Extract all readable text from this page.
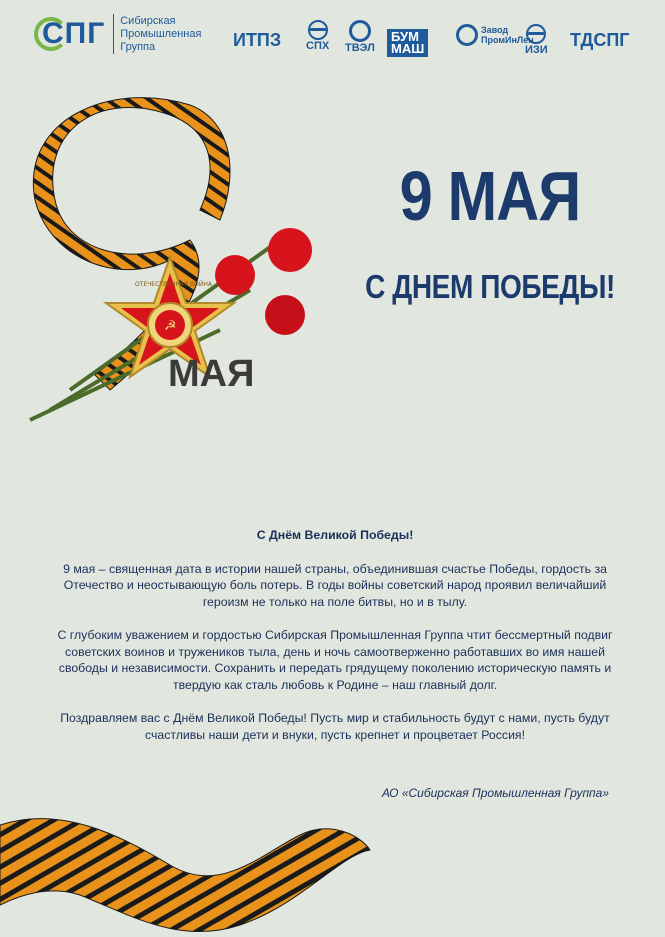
СПГ Сибирская
Промышленная
Группа	ИТПЗ СПХ ТВЭЛ
БУМ
МАШ
Завод
ПромИнЛен
ИЗИ ТДСПГ
☭
ОТЕЧЕСТВЕННАЯ ВОЙНА
МАЯ
9 МАЯ
С ДНЕМ ПОБЕДЫ!

С Днём Великой Победы!

9 мая – священная дата в истории нашей страны, объединившая счастье Победы, гордость за Отечество и неостывающую боль потерь. В годы войны советский народ проявил величайший героизм не только на поле битвы, но и в тылу.

С глубоким уважением и гордостью Сибирская Промышленная Группа чтит бессмертный подвиг советских воинов и тружеников тыла, день и ночь самоотверженно работавших во имя нашей свободы и независимости. Сохранить и передать грядущему поколению историческую память и твердую как сталь любовь к Родине – наш главный долг.

Поздравляем вас с Днём Великой Победы! Пусть мир и стабильность будут с нами, пусть будут счастливы наши дети и внуки, пусть крепнет и процветает Россия!

АО «Сибирская Промышленная Группа»
